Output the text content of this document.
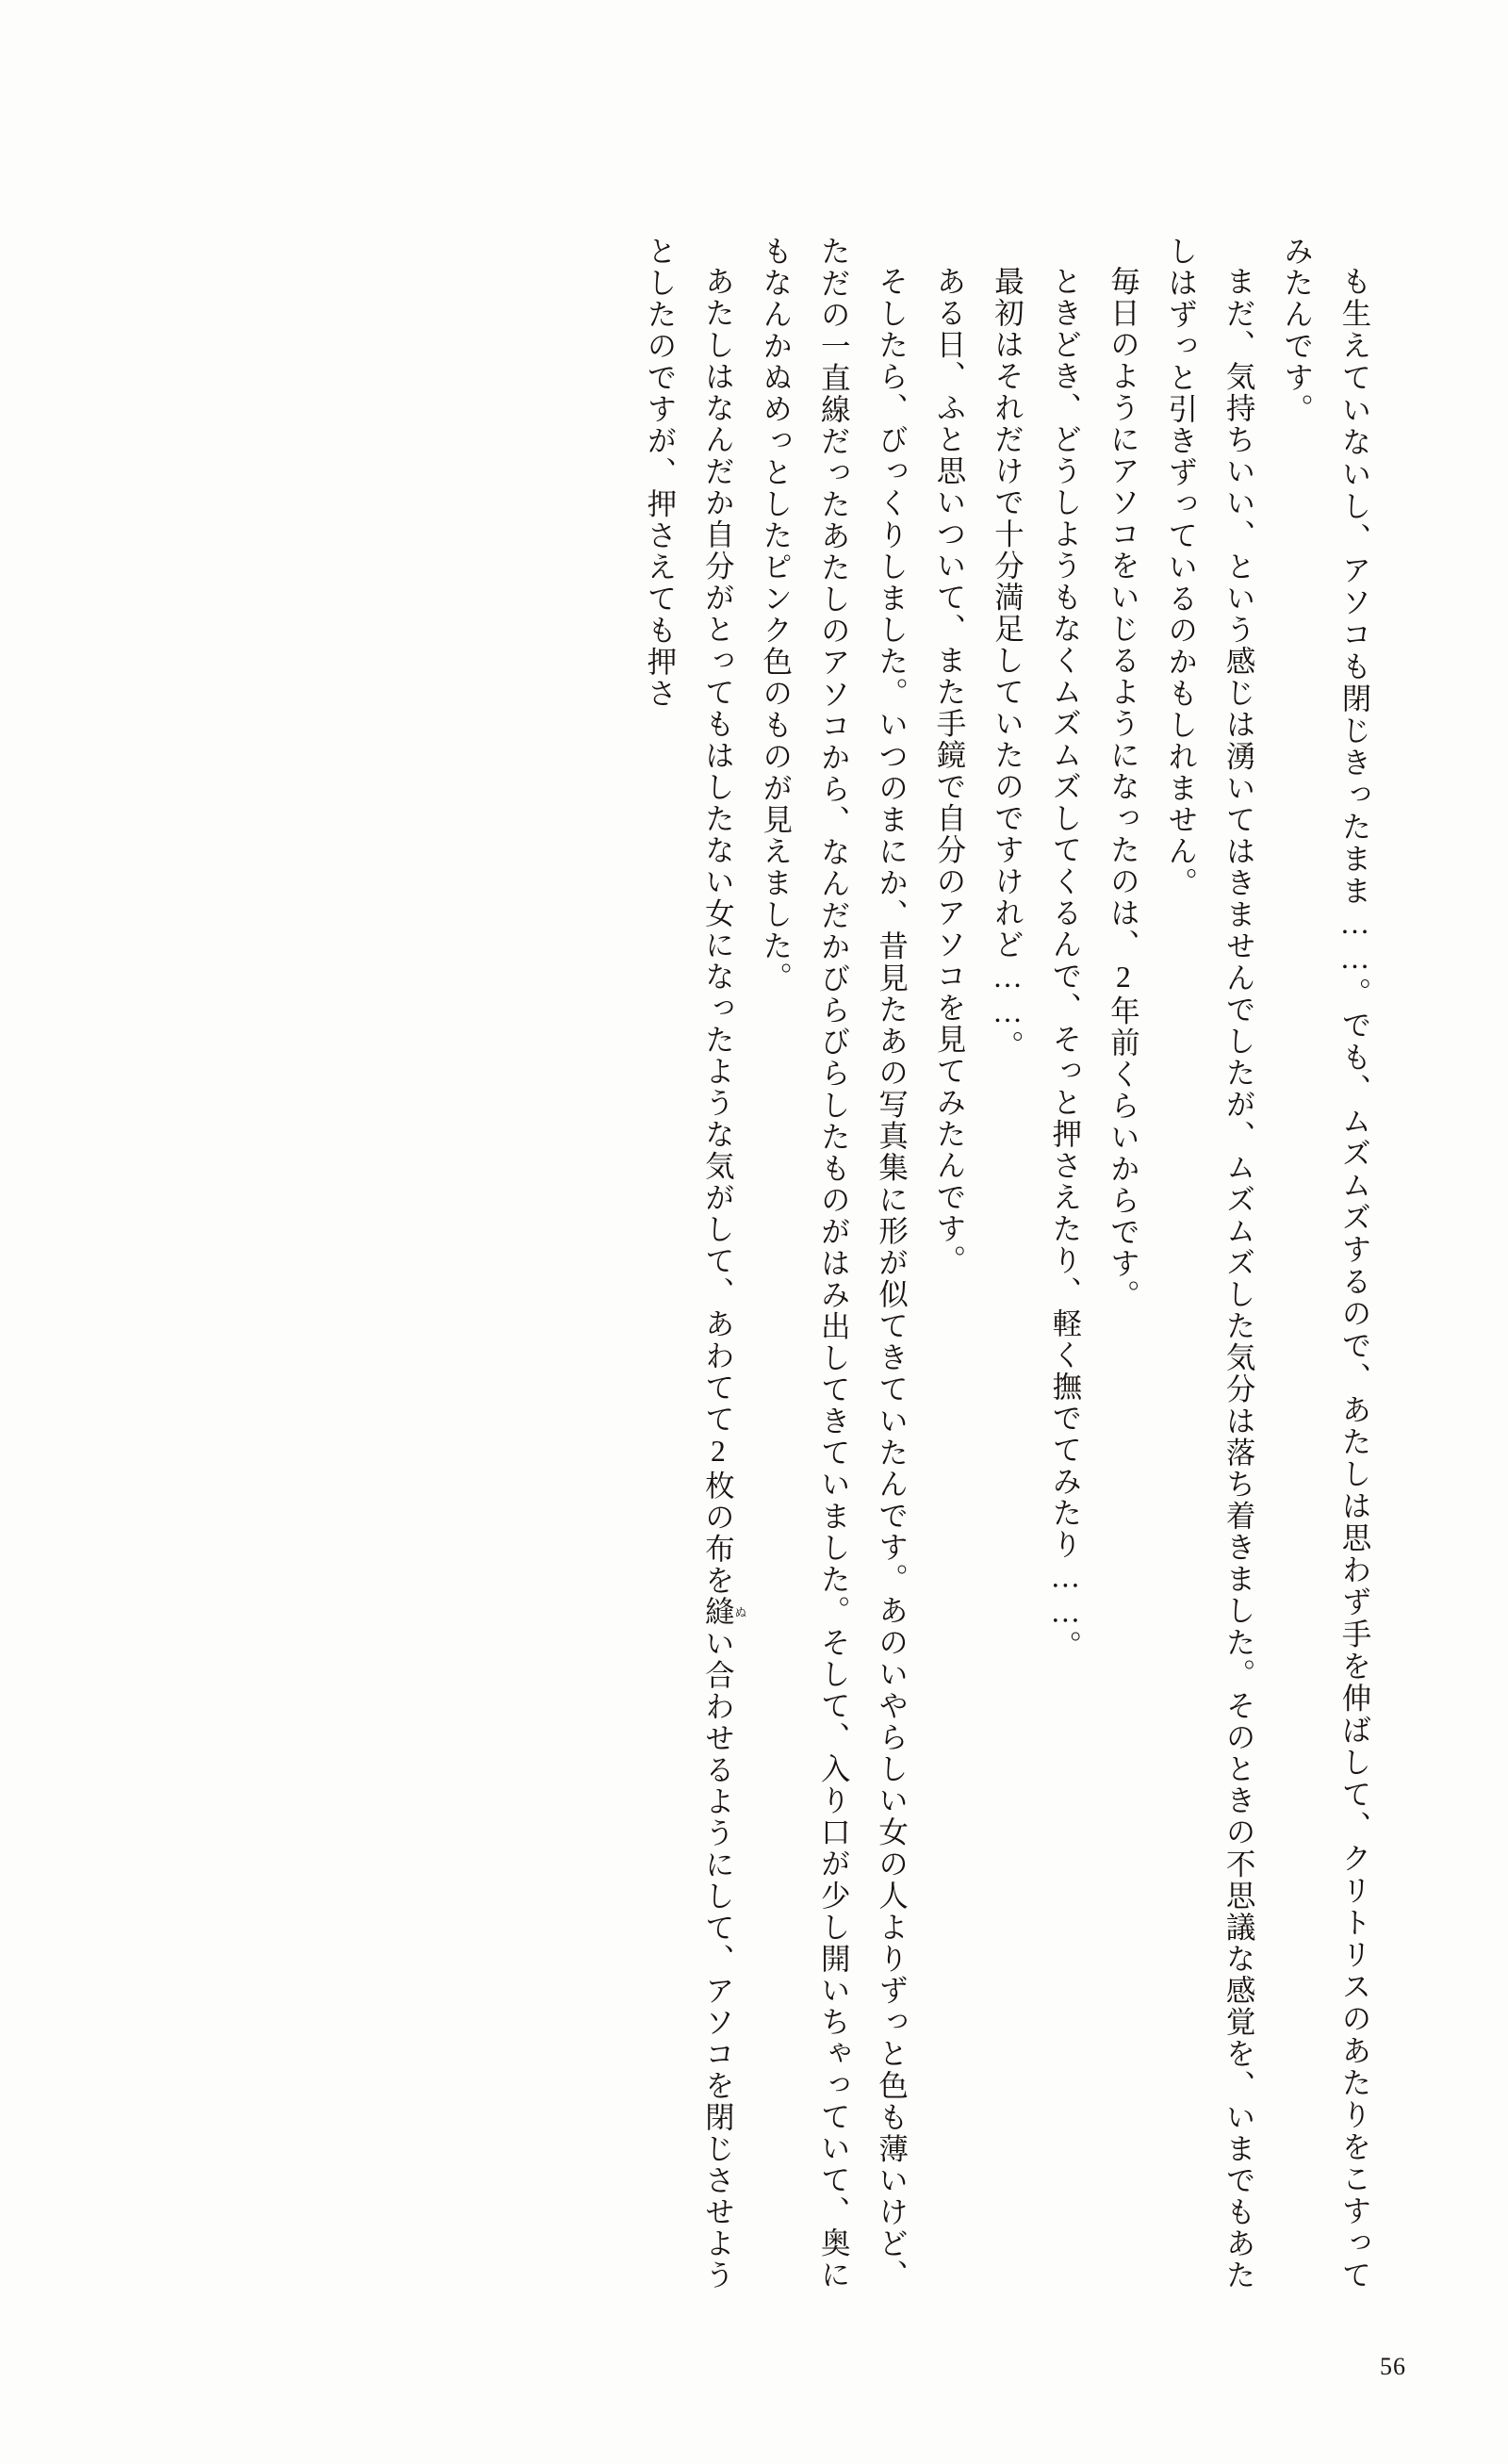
も生えていないし、アソコも閉じきったまま……。でも、ムズムズするので、あたしは思わず手を伸ばして、クリトリスのあたりをこすってみたんです。

まだ、気持ちいい、という感じは湧いてはきませんでしたが、ムズムズした気分は落ち着きました。そのときの不思議な感覚を、いまでもあたしはずっと引きずっているのかもしれません。

毎日のようにアソコをいじるようになったのは、2年前くらいからです。

ときどき、どうしようもなくムズムズしてくるんで、そっと押さえたり、軽く撫でてみたり……。

最初はそれだけで十分満足していたのですけれど……。

ある日、ふと思いついて、また手鏡で自分のアソコを見てみたんです。

そしたら、びっくりしました。いつのまにか、昔見たあの写真集に形が似てきていたんです。あのいやらしい女の人よりずっと色も薄いけど、ただの一直線だったあたしのアソコから、なんだかびらびらしたものがはみ出してきていました。そして、入り口が少し開いちゃっていて、奥にもなんかぬめっとしたピンク色のものが見えました。

あたしはなんだか自分がとってもはしたない女になったような気がして、あわてて2枚の布を縫ぬい合わせるようにして、アソコを閉じさせようとしたのですが、押さえても押さ

56
